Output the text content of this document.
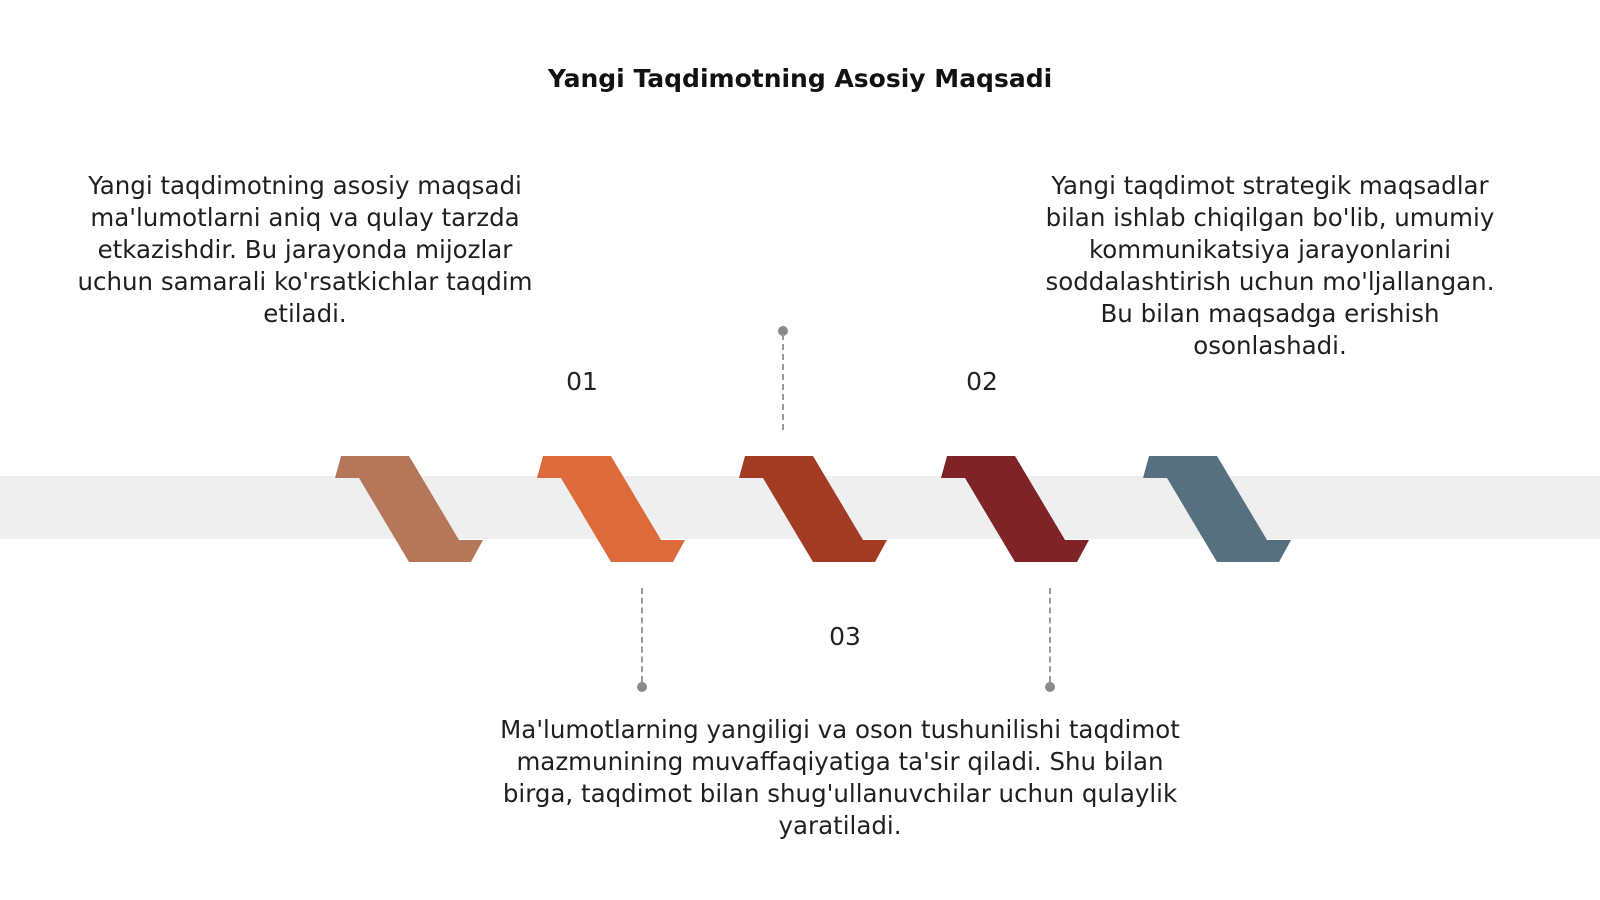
Yangi Taqdimotning Asosiy Maqsadi
Yangi taqdimotning asosiy maqsadi ma'lumotlarni aniq va qulay tarzda etkazishdir. Bu jarayonda mijozlar uchun samarali ko'rsatkichlar taqdim etiladi.
Yangi taqdimot strategik maqsadlar bilan ishlab chiqilgan bo'lib, umumiy kommunikatsiya jarayonlarini soddalashtirish uchun mo'ljallangan. Bu bilan maqsadga erishish osonlashadi.
Ma'lumotlarning yangiligi va oson tushunilishi taqdimot mazmunining muvaffaqiyatiga ta'sir qiladi. Shu bilan birga, taqdimot bilan shug'ullanuvchilar uchun qulaylik yaratiladi.
01	02
03
